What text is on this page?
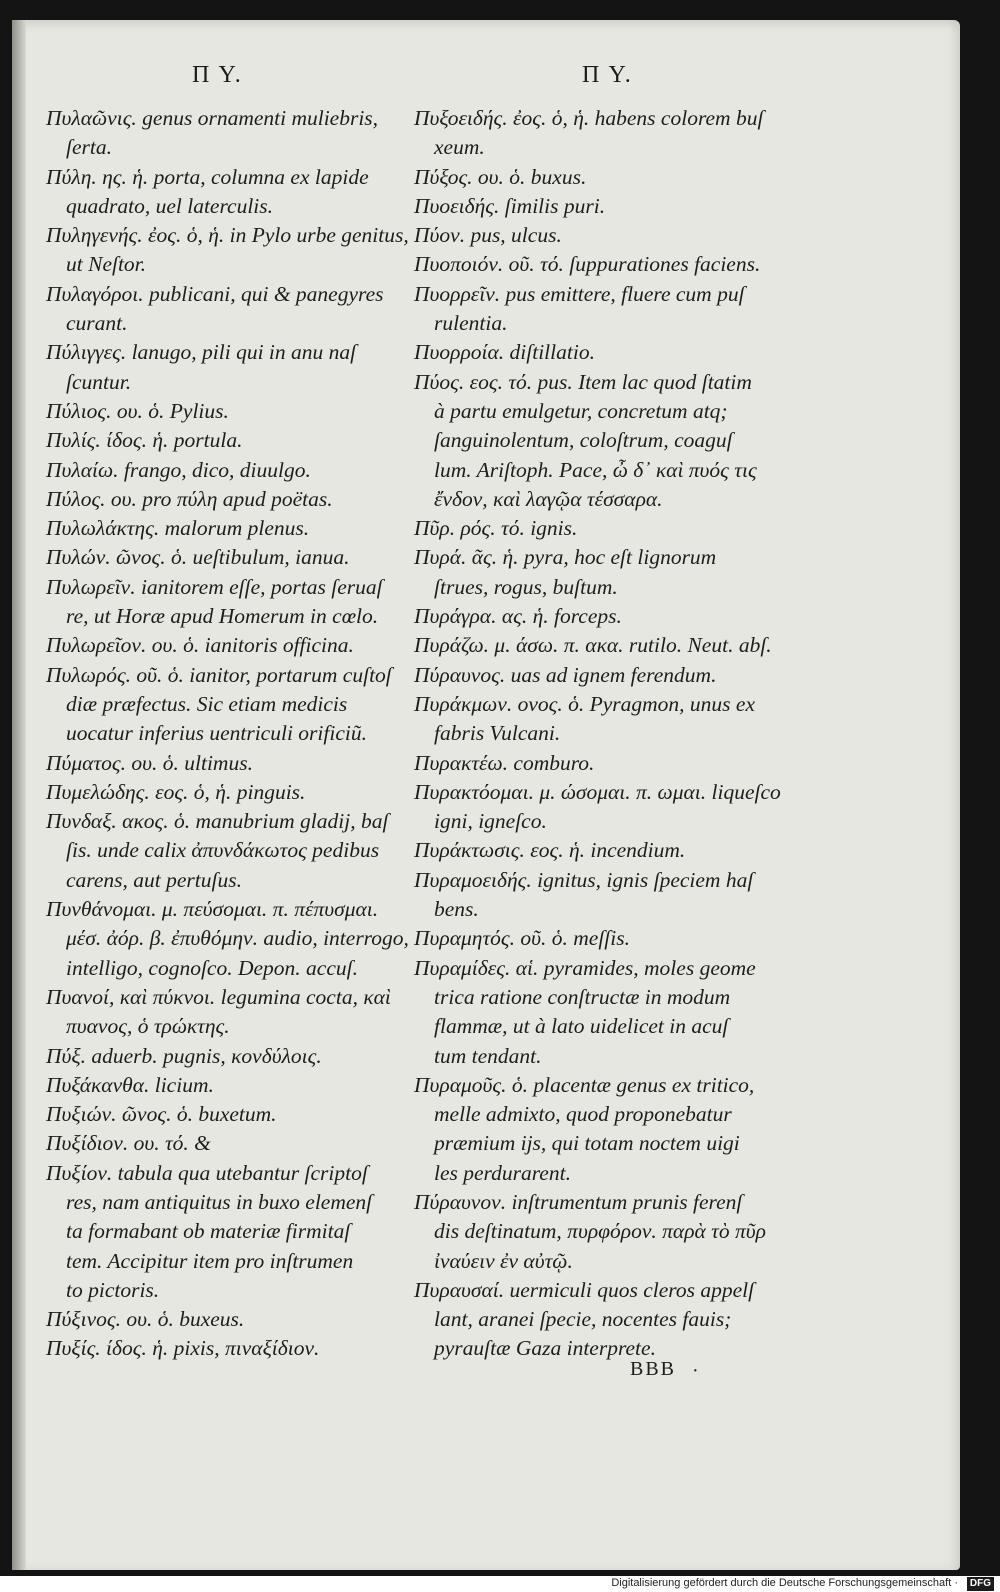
Π Υ.	Π Υ.
Πυλαῶνις. genus ornamenti muliebris,
ſerta.
Πύλη. ης. ἡ. porta, columna ex lapide
quadrato, uel laterculis.
Πυληγενής. ἐος. ὁ, ἡ. in Pylo urbe genitus,
ut Neſtor.
Πυλαγόροι. publicani, qui & panegyres
curant.
Πύλιγγες. lanugo, pili qui in anu naſ
ſcuntur.
Πύλιος. ου. ὁ. Pylius.
Πυλίς. ίδος. ἡ. portula.
Πυλαίω. frango, dico, diuulgo.
Πύλος. ου. pro πύλη apud poëtas.
Πυλωλάκτης. malorum plenus.
Πυλών. ῶνος. ὁ. ueſtibulum, ianua.
Πυλωρεῖν. ianitorem eſſe, portas ſeruaſ
re, ut Horæ apud Homerum in cœlo.
Πυλωρεῖον. ου. ὁ. ianitoris officina.
Πυλωρός. οῦ. ὁ. ianitor, portarum cuſtoſ
diæ præfectus. Sic etiam medicis
uocatur inferius uentriculi orificiũ.
Πύματος. ου. ὁ. ultimus.
Πυμελώδης. εος. ὁ, ἡ. pinguis.
Πυνδαξ. ακος. ὁ. manubrium gladij, baſ
ſis. unde calix ἀπυνδάκωτος pedibus
carens, aut pertuſus.
Πυνθάνομαι. μ. πεύσομαι. π. πέπυσμαι.
μέσ. ἀόρ. β. ἐπυθόμην. audio, interrogo,
intelligo, cognoſco. Depon. accuſ.
Πυανοί, καὶ πύκνοι. legumina cocta, καὶ
πυανος, ὁ τρώκτης.
Πύξ. aduerb. pugnis, κονδύλοις.
Πυξάκανθα. licium.
Πυξιών. ῶνος. ὁ. buxetum.
Πυξίδιον. ου. τό. &
Πυξίον. tabula qua utebantur ſcriptoſ
res, nam antiquitus in buxo elemenſ
ta formabant ob materiæ firmitaſ
tem. Accipitur item pro inſtrumen
to pictoris.
Πύξινος. ου. ὁ. buxeus.
Πυξίς. ίδος. ἡ. pixis, πιναξίδιον.
Πυξοειδής. ἐος. ὁ, ἡ. habens colorem buſ
xeum.
Πύξος. ου. ὁ. buxus.
Πυοειδής. ſimilis puri.
Πύον. pus, ulcus.
Πυοποιόν. οῦ. τό. ſuppurationes faciens.
Πυορρεῖν. pus emittere, fluere cum puſ
rulentia.
Πυορροία. diſtillatio.
Πύος. εος. τό. pus. Item lac quod ſtatim
à partu emulgetur, concretum atq;
ſanguinolentum, coloſtrum, coaguſ
lum. Ariſtoph. Pace, ὦ δ᾽ καὶ πυός τις
ἔνδον, καὶ λαγῷα τέσσαρα.
Πῦρ. ρός. τό. ignis.
Πυρά. ᾶς. ἡ. pyra, hoc eſt lignorum
ſtrues, rogus, buſtum.
Πυράγρα. ας. ἡ. forceps.
Πυράζω. μ. άσω. π. ακα. rutilo. Neut. abſ.
Πύραυνος. uas ad ignem ferendum.
Πυράκμων. ονος. ὁ. Pyragmon, unus ex
fabris Vulcani.
Πυρακτέω. comburo.
Πυρακτόομαι. μ. ώσομαι. π. ωμαι. liqueſco
igni, igneſco.
Πυράκτωσις. εος. ἡ. incendium.
Πυραμοειδής. ignitus, ignis ſpeciem haſ
bens.
Πυραμητός. οῦ. ὁ. meſſis.
Πυραμίδες. αἱ. pyramides, moles geome
trica ratione conſtructæ in modum
flammæ, ut à lato uidelicet in acuſ
tum tendant.
Πυραμοῦς. ὁ. placentæ genus ex tritico,
melle admixto, quod proponebatur
præmium ijs, qui totam noctem uigi
les perdurarent.
Πύραυνον. inſtrumentum prunis ferenſ
dis deſtinatum, πυρφόρον. παρὰ τὸ πῦρ
ἰναύειν ἐν αὐτῷ.
Πυραυσαί. uermiculi quos cleros appelſ
lant, aranei ſpecie, nocentes fauis;
pyrauſtæ Gaza interprete.
BBB ·
Digitalisierung gefördert durch die Deutsche Forschungsgemeinschaft ·	DFG
